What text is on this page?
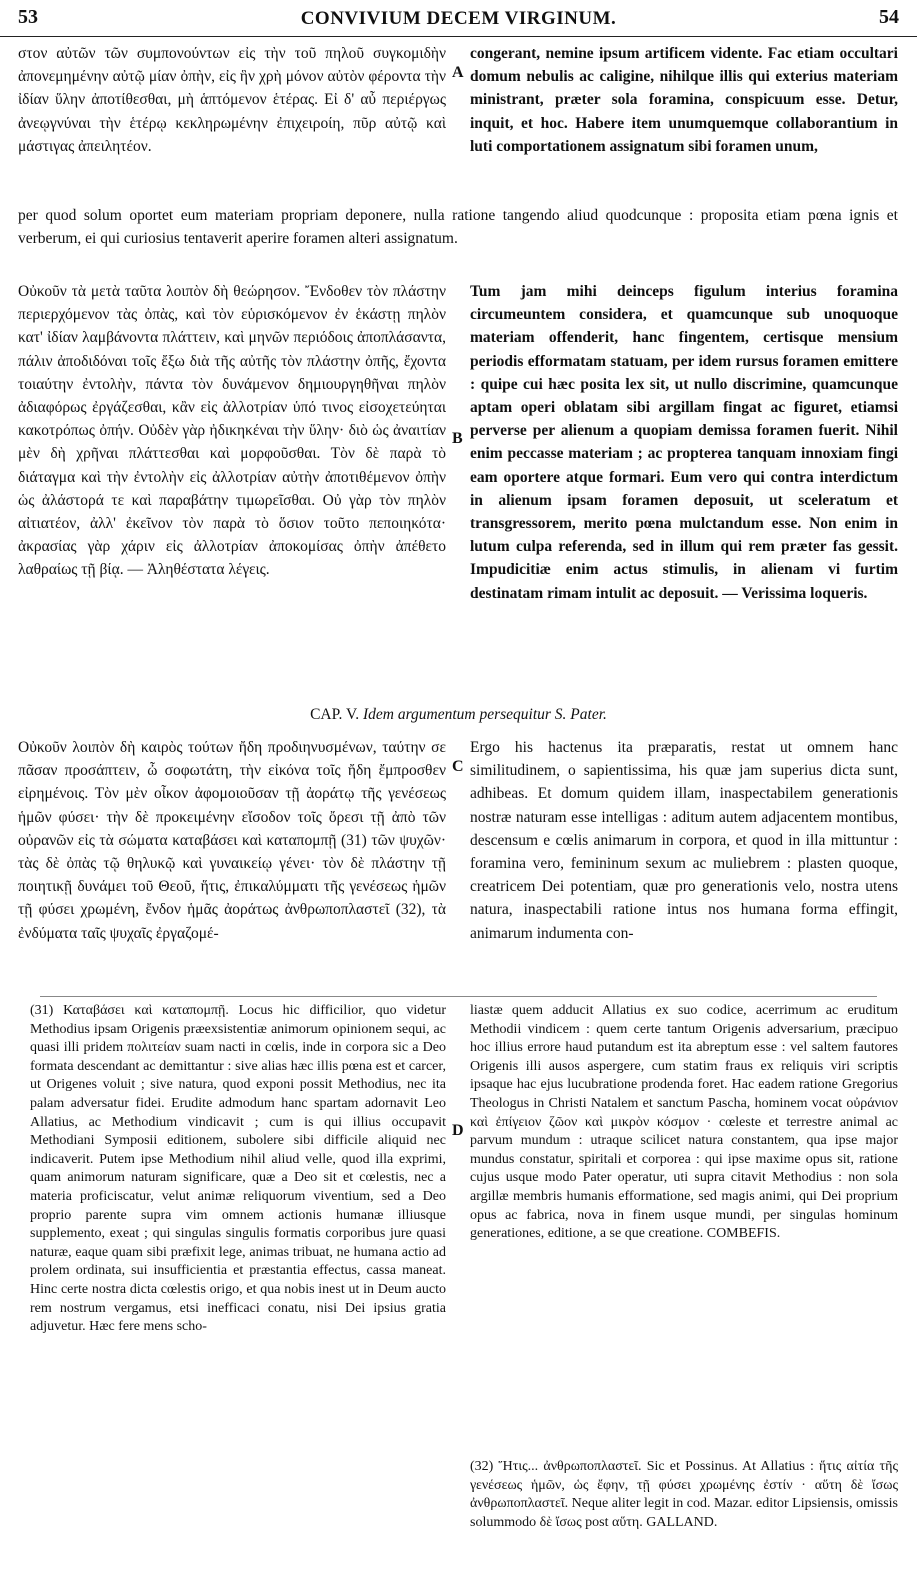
53	CONVIVIUM DECEM VIRGINUM.	54

στον αὐτῶν τῶν συμπονούντων εἰς τὴν τοῦ πηλοῦ συγκομιδὴν ἀπονεμημένην αὐτῷ μίαν ὀπὴν, εἰς ἣν χρὴ μόνον αὐτὸν φέροντα τὴν ἰδίαν ὕλην ἀποτίθεσθαι, μὴ ἁπτόμενον ἑτέρας. Εἰ δ' αὖ περιέργως ἀνεῳγνύναι τὴν ἑτέρῳ κεκληρωμένην ἐπιχειροίη, πῦρ αὐτῷ καὶ μάστιγας ἀπειλητέον.

A

congerant, nemine ipsum artificem vidente. Fac etiam occultari domum nebulis ac caligine, nihilque illis qui exterius materiam ministrant, præter sola foramina, conspicuum esse. Detur, inquit, et hoc. Habere item unumquemque collaborantium in luti comportationem assignatum sibi foramen unum,

per quod solum oportet eum materiam propriam deponere, nulla ratione tangendo aliud quodcunque : proposita etiam pœna ignis et verberum, ei qui curiosius tentaverit aperire foramen alteri assignatum.

Οὐκοῦν τὰ μετὰ ταῦτα λοιπὸν δὴ θεώρησον. Ἔνδοθεν τὸν πλάστην περιερχόμενον τὰς ὀπὰς, καὶ τὸν εὑρισκόμενον ἐν ἑκάστῃ πηλὸν κατ' ἰδίαν λαμβάνοντα πλάττειν, καὶ μηνῶν περιόδοις ἀποπλάσαντα, πάλιν ἀποδιδόναι τοῖς ἔξω διὰ τῆς αὐτῆς τὸν πλάστην ὀπῆς, ἔχοντα τοιαύτην ἐντολὴν, πάντα τὸν δυνάμενον δημιουργηθῆναι πηλὸν ἀδιαφόρως ἐργάζεσθαι, κἂν εἰς ἀλλοτρίαν ὑπό τινος εἰσοχετεύηται κακοτρόπως ὀπήν. Οὐδὲν γὰρ ἠδικηκέναι τὴν ὕλην· διὸ ὡς ἀναιτίαν μὲν δὴ χρῆναι πλάττεσθαι καὶ μορφοῦσθαι. Τὸν δὲ παρὰ τὸ διάταγμα καὶ τὴν ἐντολὴν εἰς ἀλλοτρίαν αὐτὴν ἀποτιθέμενον ὀπὴν ὡς ἀλάστορά τε καὶ παραβάτην τιμωρεῖσθαι. Οὐ γὰρ τὸν πηλὸν αἰτιατέον, ἀλλ' ἐκεῖνον τὸν παρὰ τὸ ὅσιον τοῦτο πεποιηκότα· ἀκρασίας γὰρ χάριν εἰς ἀλλοτρίαν ἀποκομίσας ὀπὴν ἀπέθετο λαθραίως τῇ βίᾳ. — Ἀληθέστατα λέγεις.

B

Tum jam mihi deinceps figulum interius foramina circumeuntem considera, et quamcunque sub unoquoque materiam offenderit, hanc fingentem, certisque mensium periodis efformatam statuam, per idem rursus foramen emittere : quipe cui hæc posita lex sit, ut nullo discrimine, quamcunque aptam operi oblatam sibi argillam fingat ac figuret, etiamsi perverse per alienum a quopiam demissa foramen fuerit. Nihil enim peccasse materiam ; ac propterea tanquam innoxiam fingi eam oportere atque formari. Eum vero qui contra interdictum in alienum ipsam foramen deposuit, ut sceleratum et transgressorem, merito pœna mulctandum esse. Non enim in lutum culpa referenda, sed in illum qui rem præter fas gessit. Impudicitiæ enim actus stimulis, in alienam vi furtim destinatam rimam intulit ac deposuit. — Verissima loqueris.

CAP. V. Idem argumentum persequitur S. Pater.

Οὐκοῦν λοιπὸν δὴ καιρὸς τούτων ἤδη προδιηνυσμένων, ταύτην σε πᾶσαν προσάπτειν, ὦ σοφωτάτη, τὴν εἰκόνα τοῖς ἤδη ἔμπροσθεν εἰρημένοις. Τὸν μὲν οἶκον ἀφομοιοῦσαν τῇ ἀοράτῳ τῆς γενέσεως ἡμῶν φύσει· τὴν δὲ προκειμένην εἴσοδον τοῖς ὄρεσι τῇ ἀπὸ τῶν οὐρανῶν εἰς τὰ σώματα καταβάσει καὶ καταπομπῇ (31) τῶν ψυχῶν· τὰς δὲ ὀπὰς τῷ θηλυκῷ καὶ γυναικείῳ γένει· τὸν δὲ πλάστην τῇ ποιητικῇ δυνάμει τοῦ Θεοῦ, ἥτις, ἐπικαλύμματι τῆς γενέσεως ἡμῶν τῇ φύσει χρωμένη, ἔνδον ἡμᾶς ἀοράτως ἀνθρωποπλαστεῖ (32), τὰ ἐνδύματα ταῖς ψυχαῖς ἐργαζομέ-

C

Ergo his hactenus ita præparatis, restat ut omnem hanc similitudinem, o sapientissima, his quæ jam superius dicta sunt, adhibeas. Et domum quidem illam, inaspectabilem generationis nostræ naturam esse intelligas : aditum autem adjacentem montibus, descensum e cœlis animarum in corpora, et quod in illa mittuntur : foramina vero, femininum sexum ac muliebrem : plasten quoque, creatricem Dei potentiam, quæ pro generationis velo, nostra utens natura, inaspectabili ratione intus nos humana forma effingit, animarum indumenta con-

(31) Καταβάσει καὶ καταπομπῇ. Locus hic difficilior, quo videtur Methodius ipsam Origenis præexsistentiæ animorum opinionem sequi, ac quasi illi pridem πολιτείαν suam nacti in cœlis, inde in corpora sic a Deo formata descendant ac demittantur : sive alias hæc illis pœna est et carcer, ut Origenes voluit ; sive natura, quod exponi possit Methodius, nec ita palam adversatur fidei. Erudite admodum hanc spartam adornavit Leo Allatius, ac Methodium vindicavit ; cum is qui illius occupavit Methodiani Symposii editionem, subolere sibi difficile aliquid nec indicaverit. Putem ipse Methodium nihil aliud velle, quod illa exprimi, quam animorum naturam significare, quæ a Deo sit et cœlestis, nec a materia proficiscatur, velut animæ reliquorum viventium, sed a Deo proprio parente supra vim omnem actionis humanæ illiusque supplemento, exeat ; qui singulas singulis formatis corporibus jure quasi naturæ, eaque quam sibi præfixit lege, animas tribuat, ne humana actio ad prolem ordinata, sui insufficientia et præstantia effectus, cassa maneat. Hinc certe nostra dicta cœlestis origo, et qua nobis inest ut in Deum aucto rem nostrum vergamus, etsi inefficaci conatu, nisi Dei ipsius gratia adjuvetur. Hæc fere mens scho-

D

liastæ quem adducit Allatius ex suo codice, acerrimum ac eruditum Methodii vindicem : quem certe tantum Origenis adversarium, præcipuo hoc illius errore haud putandum est ita abreptum esse : vel saltem fautores Origenis illi ausos aspergere, cum statim fraus ex reliquis viri scriptis ipsaque hac ejus lucubratione prodenda foret. Hac eadem ratione Gregorius Theologus in Christi Natalem et sanctum Pascha, hominem vocat οὐράνιον καὶ ἐπίγειον ζῶον καὶ μικρὸν κόσμον · cœleste et terrestre animal ac parvum mundum : utraque scilicet natura constantem, qua ipse major mundus constatur, spiritali et corporea : qui ipse maxime opus sit, ratione cujus usque modo Pater operatur, uti supra citavit Methodius : non sola argillæ membris humanis efformatione, sed magis animi, qui Dei proprium opus ac fabrica, nova in finem usque mundi, per singulas hominum generationes, editione, a se que creatione. COMBEFIS.

(32) Ἥτις... ἀνθρωποπλαστεῖ. Sic et Possinus. At Allatius : ἥτις αἰτία τῆς γενέσεως ἡμῶν, ὡς ἔφην, τῇ φύσει χρωμένης ἐστίν · αὕτη δὲ ἴσως ἀνθρωποπλαστεῖ. Neque aliter legit in cod. Mazar. editor Lipsiensis, omissis solummodo δὲ ἴσως post αὕτη. GALLAND.
